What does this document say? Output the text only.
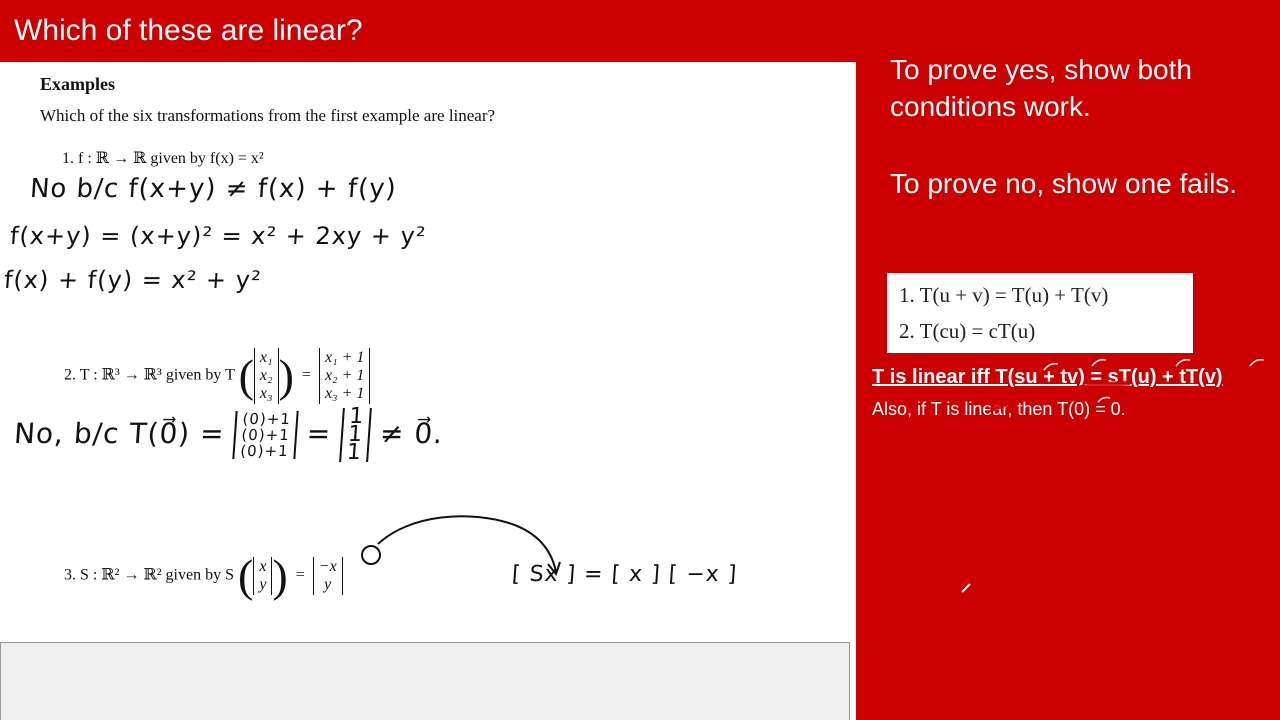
Which of these are linear?
Examples
Which of the six transformations from the first example are linear?
1. f : ℝ → ℝ given by f(x) = x²
No b/c f(x+y) ≠ f(x) + f(y)
f(x+y) = (x+y)² = x² + 2xy + y²
f(x) + f(y) = x² + y²
2. T : ℝ³ → ℝ³ given by T ( x₁
x₂
x₃ )  =
x₁ + 1
x₂ + 1
x₃ + 1
No, b/c T(0⃗) = (0)+1
(0)+1
(0)+1
=
1
1
1
≠ 0⃗.
3. S : ℝ² → ℝ² given by S ( x
y )  =
−x
y	[ Sx ] = [ x ] [ −x ]

To prove yes, show both conditions work.

To prove no, show one fails.

1. T(u + v) = T(u) + T(v)
2. T(cu) = cT(u)
T is linear iff T(su + tv) = sT(u) + tT(v)
Also, if T is linear, then T(0) = 0.
